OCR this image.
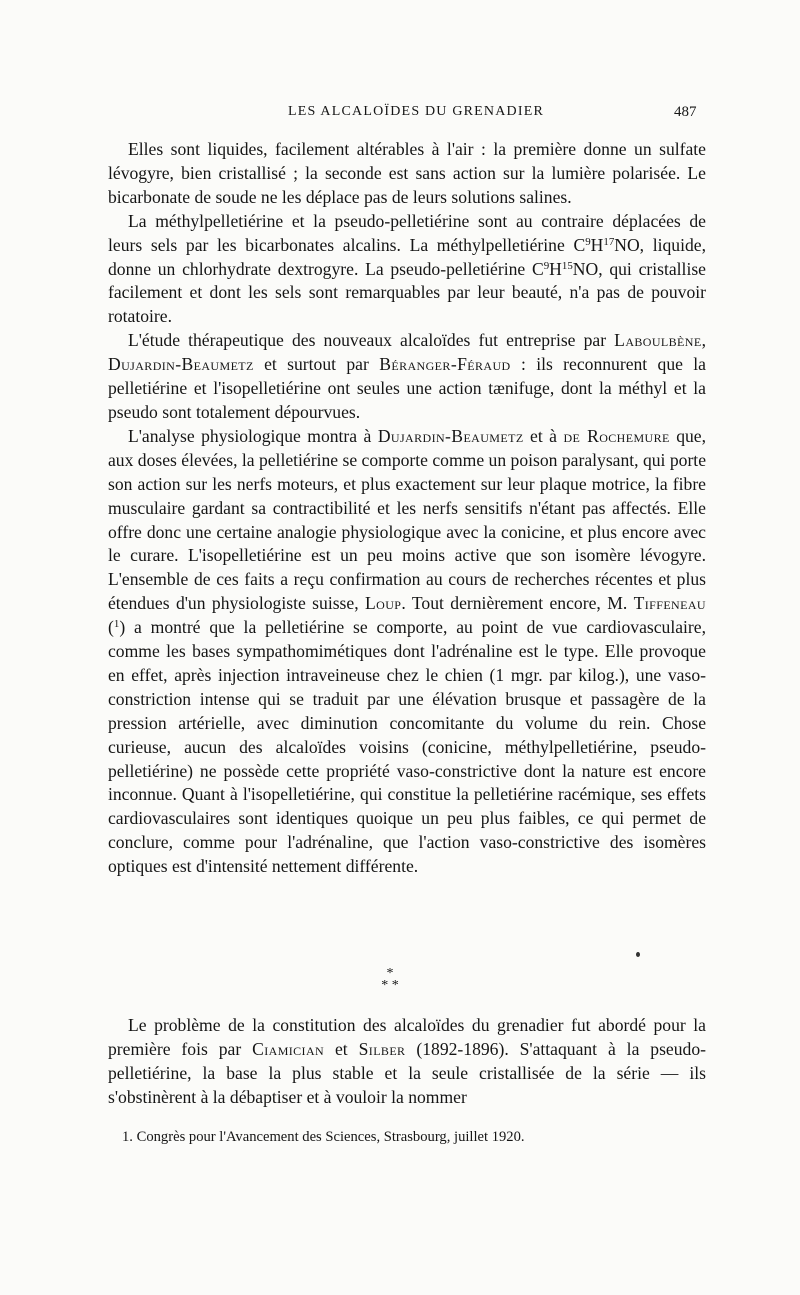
LES ALCALOÏDES DU GRENADIER	487

Elles sont liquides, facilement altérables à l'air : la première donne un sulfate lévogyre, bien cristallisé ; la seconde est sans action sur la lumière polarisée. Le bicarbonate de soude ne les déplace pas de leurs solutions salines.

La méthylpelletiérine et la pseudo-pelletiérine sont au contraire déplacées de leurs sels par les bicarbonates alcalins. La méthylpelletiérine $C^9H^{17}NO$, liquide, donne un chlorhydrate dextrogyre. La pseudo-pelletiérine $C^9H^{15}NO$, qui cristallise facilement et dont les sels sont remarquables par leur beauté, n'a pas de pouvoir rotatoire.

L'étude thérapeutique des nouveaux alcaloïdes fut entreprise par Laboulbène, Dujardin-Beaumetz et surtout par Béranger-Féraud : ils reconnurent que la pelletiérine et l'isopelletiérine ont seules une action tænifuge, dont la méthyl et la pseudo sont totalement dépourvues.

L'analyse physiologique montra à Dujardin-Beaumetz et à de Rochemure que, aux doses élevées, la pelletiérine se comporte comme un poison paralysant, qui porte son action sur les nerfs moteurs, et plus exactement sur leur plaque motrice, la fibre musculaire gardant sa contractibilité et les nerfs sensitifs n'étant pas affectés. Elle offre donc une certaine analogie physiologique avec la conicine, et plus encore avec le curare. L'isopelletiérine est un peu moins active que son isomère lévogyre. L'ensemble de ces faits a reçu confirmation au cours de recherches récentes et plus étendues d'un physiologiste suisse, Loup. Tout dernièrement encore, M. Tiffeneau ($^1$) a montré que la pelletiérine se comporte, au point de vue cardiovasculaire, comme les bases sympathomimétiques dont l'adrénaline est le type. Elle provoque en effet, après injection intraveineuse chez le chien (1 mgr. par kilog.), une vaso-constriction intense qui se traduit par une élévation brusque et passagère de la pression artérielle, avec diminution concomitante du volume du rein. Chose curieuse, aucun des alcaloïdes voisins (conicine, méthylpelletiérine, pseudo-pelletiérine) ne possède cette propriété vaso-constrictive dont la nature est encore inconnue. Quant à l'isopelletiérine, qui constitue la pelletiérine racémique, ses effets cardiovasculaires sont identiques quoique un peu plus faibles, ce qui permet de conclure, comme pour l'adrénaline, que l'action vaso-constrictive des isomères optiques est d'intensité nettement différente.

*
* *

Le problème de la constitution des alcaloïdes du grenadier fut abordé pour la première fois par Ciamician et Silber (1892-1896). S'attaquant à la pseudo-pelletiérine, la base la plus stable et la seule cristallisée de la série — ils s'obstinèrent à la débaptiser et à vouloir la nommer

1. Congrès pour l'Avancement des Sciences, Strasbourg, juillet 1920.
